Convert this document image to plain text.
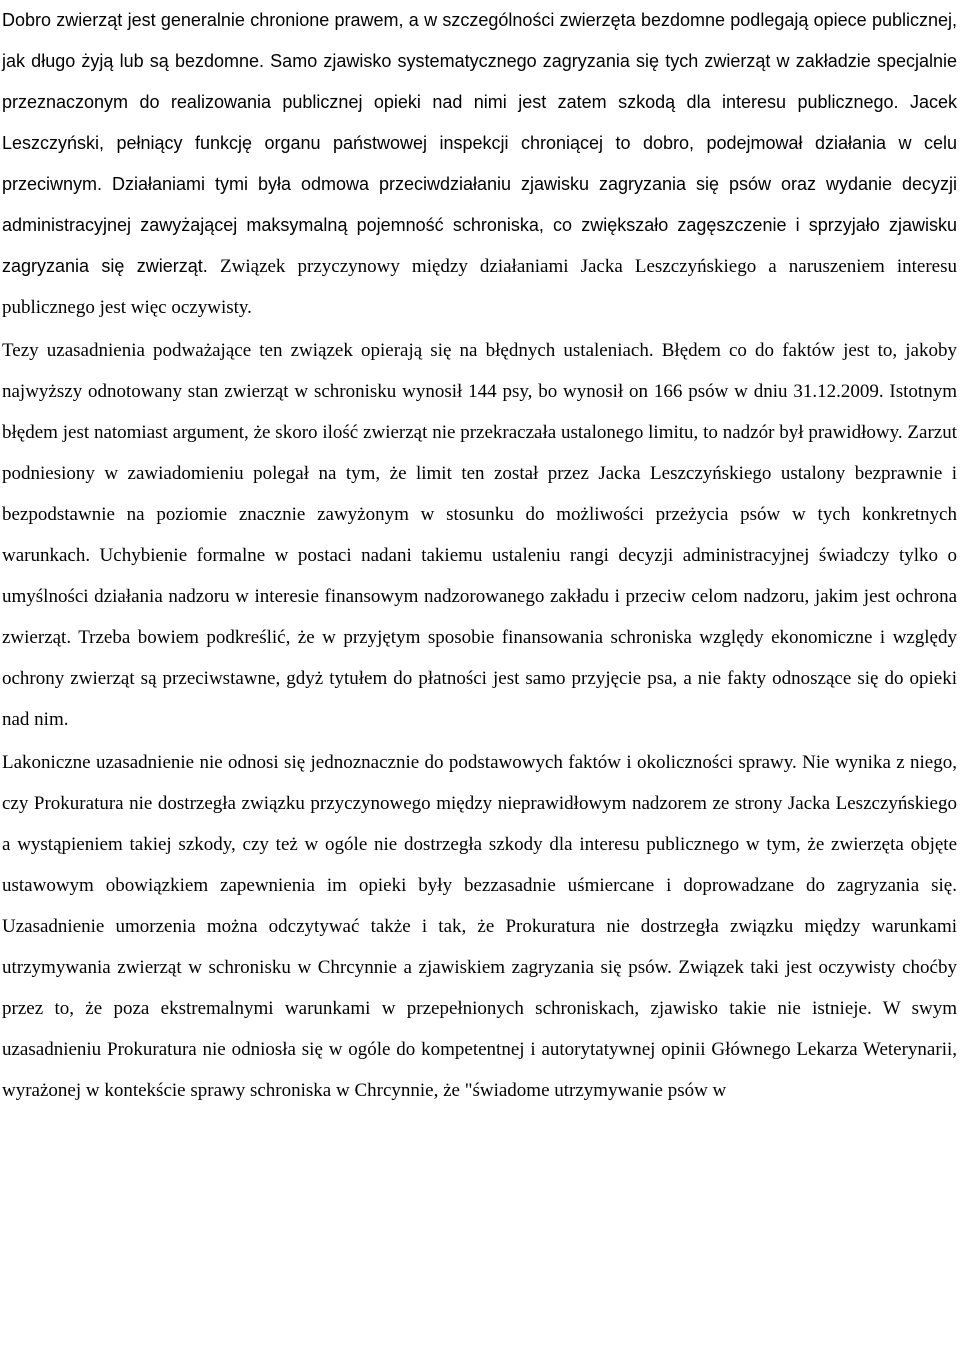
Dobro zwierząt jest generalnie chronione prawem, a w szczególności zwierzęta bezdomne podlegają opiece publicznej, jak długo żyją lub są bezdomne. Samo zjawisko systematycznego zagryzania się tych zwierząt w zakładzie specjalnie przeznaczonym do realizowania publicznej opieki nad nimi jest zatem szkodą dla interesu publicznego. Jacek Leszczyński, pełniący funkcję organu państwowej inspekcji chroniącej to dobro, podejmował działania w celu przeciwnym. Działaniami tymi była odmowa przeciwdziałaniu zjawisku zagryzania się psów oraz wydanie decyzji administracyjnej zawyżającej maksymalną pojemność schroniska, co zwiększało zagęszczenie i sprzyjało zjawisku zagryzania się zwierząt. Związek przyczynowy między działaniami Jacka Leszczyńskiego a naruszeniem interesu publicznego jest więc oczywisty.

Tezy uzasadnienia podważające ten związek opierają się na błędnych ustaleniach. Błędem co do faktów jest to, jakoby najwyższy odnotowany stan zwierząt w schronisku wynosił 144 psy, bo wynosił on 166 psów w dniu 31.12.2009. Istotnym błędem jest natomiast argument, że skoro ilość zwierząt nie przekraczała ustalonego limitu, to nadzór był prawidłowy. Zarzut podniesiony w zawiadomieniu polegał na tym, że limit ten został przez Jacka Leszczyńskiego ustalony bezprawnie i bezpodstawnie na poziomie znacznie zawyżonym w stosunku do możliwości przeżycia psów w tych konkretnych warunkach. Uchybienie formalne w postaci nadani takiemu ustaleniu rangi decyzji administracyjnej świadczy tylko o umyślności działania nadzoru w interesie finansowym nadzorowanego zakładu i przeciw celom nadzoru, jakim jest ochrona zwierząt. Trzeba bowiem podkreślić, że w przyjętym sposobie finansowania schroniska względy ekonomiczne i względy ochrony zwierząt są przeciwstawne, gdyż tytułem do płatności jest samo przyjęcie psa, a nie fakty odnoszące się do opieki nad nim.

Lakoniczne uzasadnienie nie odnosi się jednoznacznie do podstawowych faktów i okoliczności sprawy. Nie wynika z niego, czy Prokuratura nie dostrzegła związku przyczynowego między nieprawidłowym nadzorem ze strony Jacka Leszczyńskiego a wystąpieniem takiej szkody, czy też w ogóle nie dostrzegła szkody dla interesu publicznego w tym, że zwierzęta objęte ustawowym obowiązkiem zapewnienia im opieki były bezzasadnie uśmiercane i doprowadzane do zagryzania się. Uzasadnienie umorzenia można odczytywać także i tak, że Prokuratura nie dostrzegła związku między warunkami utrzymywania zwierząt w schronisku w Chrcynnie a zjawiskiem zagryzania się psów. Związek taki jest oczywisty choćby przez to, że poza ekstremalnymi warunkami w przepełnionych schroniskach, zjawisko takie nie istnieje. W swym uzasadnieniu Prokuratura nie odniosła się w ogóle do kompetentnej i autorytatywnej opinii Głównego Lekarza Weterynarii, wyrażonej w kontekście sprawy schroniska w Chrcynnie, że "świadome utrzymywanie psów w
